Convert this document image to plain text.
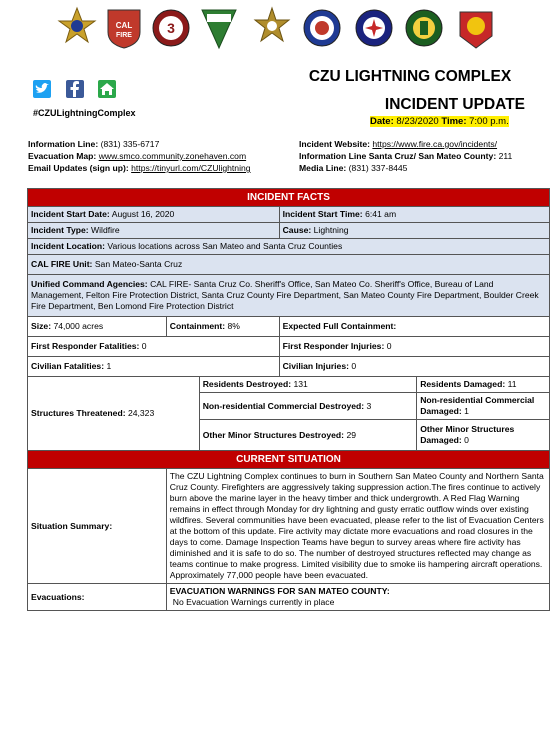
CAL
FIRE	3
#CZULightningComplex
CZU LIGHTNING COMPLEX
INCIDENT UPDATE
Date: 8/23/2020 Time: 7:00 p.m.
Information Line: (831) 335-6717
Evacuation Map: www.smco.community.zonehaven.com
Email Updates (sign up): https://tinyurl.com/CZUlightning
Incident Website: https://www.fire.ca.gov/incidents/
Information Line Santa Cruz/ San Mateo County: 211
Media Line: (831) 337-8445
INCIDENT FACTS				
Incident Start Date: August 16, 2020			Incident Start Time: 6:41 am	
Incident Type: Wildfire			Cause: Lightning	
Incident Location: Various locations across San Mateo and Santa Cruz Counties				
CAL FIRE Unit: San Mateo-Santa Cruz				
Unified Command Agencies: CAL FIRE- Santa Cruz Co. Sheriff's Office, San Mateo Co. Sheriff's Office, Bureau of Land Management, Felton Fire Protection District, Santa Cruz County Fire Department, San Mateo County Fire Department, Boulder Creek Fire Department, Ben Lomond Fire Protection District				
Size: 74,000 acres	Containment: 8%		Expected Full Containment:	
First Responder Fatalities: 0			First Responder Injuries: 0	
Civilian Fatalities: 1			Civilian Injuries: 0	
Structures Threatened: 24,323		Residents Destroyed: 131		Residents Damaged: 11
		Non-residential Commercial Destroyed: 3		Non-residential Commercial Damaged: 1
		Other Minor Structures Destroyed: 29		Other Minor Structures Damaged: 0
CURRENT SITUATION				
Situation Summary:	The CZU Lightning Complex continues to burn in Southern San Mateo County and Northern Santa Cruz County. Firefighters are aggressively taking suppression action.The fires continue to actively burn above the marine layer in the heavy timber and thick undergrowth. A Red Flag Warning remains in effect through Monday for dry lightning and gusty erratic outflow winds over existing wildfires. Several communities have been evacuated, please refer to the list of Evacuation Centers at the bottom of this update. Fire activity may dictate more evacuations and road closures in the days to come. Damage Inspection Teams have begun to survey areas where fire activity has diminished and it is safe to do so. The number of destroyed structures reflected may change as teams continue to make progress. Limited visibility due to smoke iis hampering aircraft operations.
Approximately 77,000 people have been evacuated.			

Evacuations:	EVACUATION WARNINGS FOR SAN MATEO COUNTY:
No Evacuation Warnings currently in place			
